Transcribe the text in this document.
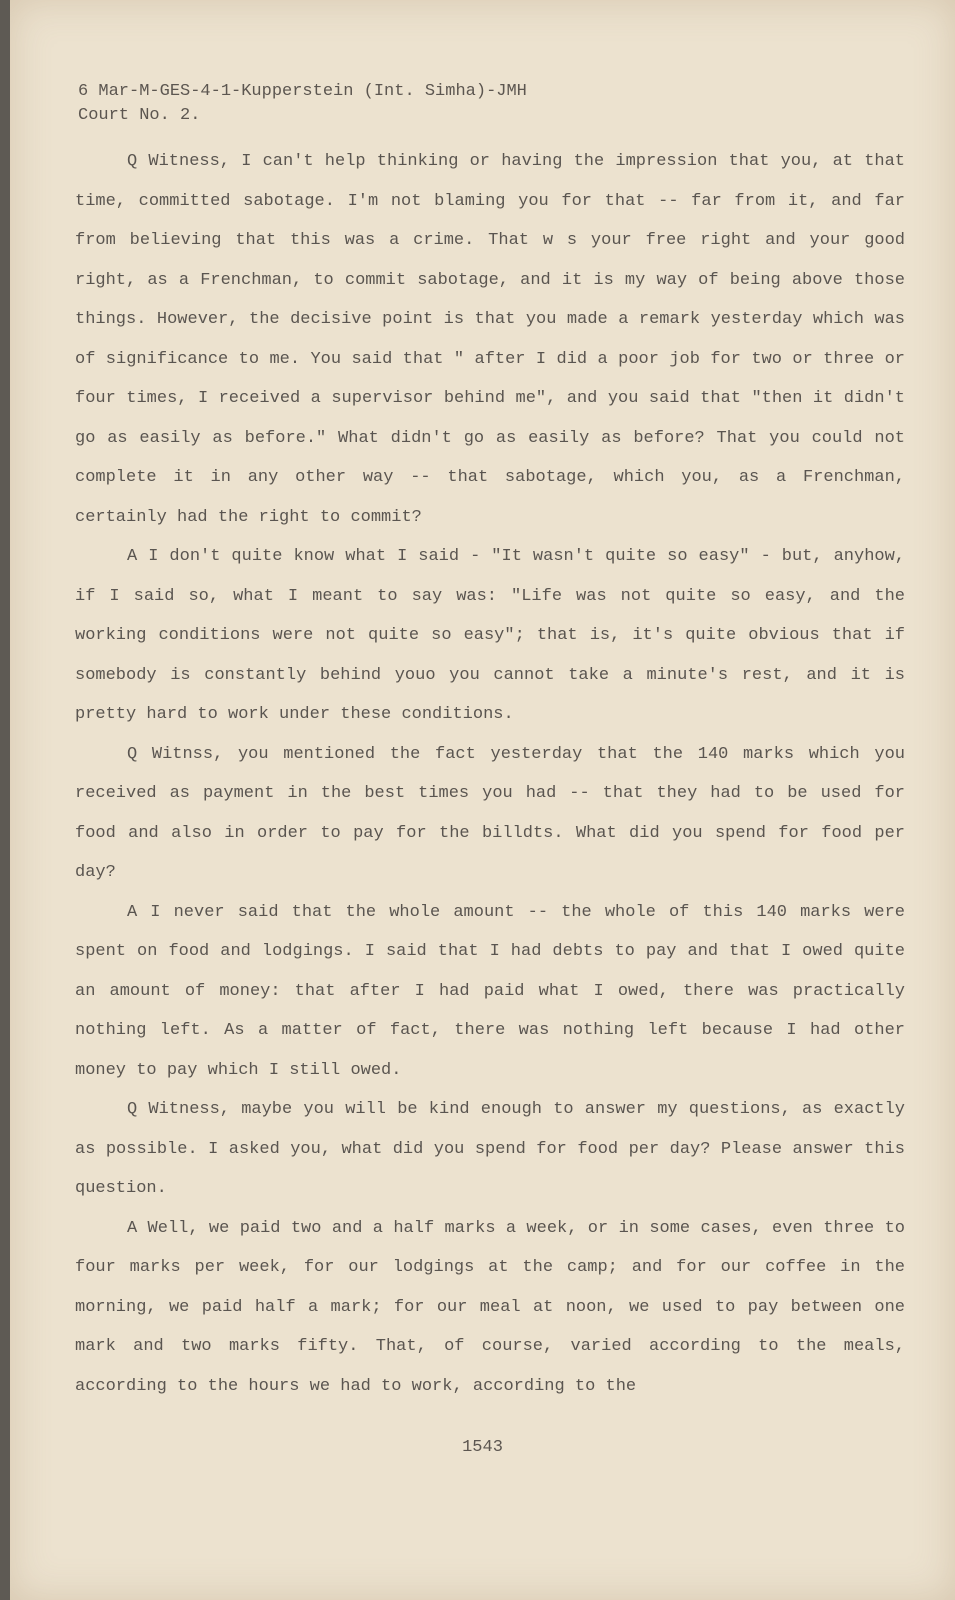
6 Mar-M-GES-4-1-Kupperstein (Int. Simha)-JMH
Court No. 2.

Q Witness, I can't help thinking or having the impression that you, at that time, committed sabotage. I'm not blaming you for that -- far from it, and far from believing that this was a crime. That w s your free right and your good right, as a Frenchman, to commit sabotage, and it is my way of being above those things. However, the decisive point is that you made a remark yesterday which was of significance to me. You said that " after I did a poor job for two or three or four times, I received a supervisor behind me", and you said that "then it didn't go as easily as before." What didn't go as easily as before? That you could not complete it in any other way -- that sabotage, which you, as a Frenchman, certainly had the right to commit?

A I don't quite know what I said - "It wasn't quite so easy" - but, anyhow, if I said so, what I meant to say was: "Life was not quite so easy, and the working conditions were not quite so easy"; that is, it's quite obvious that if somebody is constantly behind youo you cannot take a minute's rest, and it is pretty hard to work under these conditions.

Q Witnss, you mentioned the fact yesterday that the 140 marks which you received as payment in the best times you had -- that they had to be used for food and also in order to pay for the billdts. What did you spend for food per day?

A I never said that the whole amount -- the whole of this 140 marks were spent on food and lodgings. I said that I had debts to pay and that I owed quite an amount of money: that after I had paid what I owed, there was practically nothing left. As a matter of fact, there was nothing left because I had other money to pay which I still owed.

Q Witness, maybe you will be kind enough to answer my questions, as exactly as possible. I asked you, what did you spend for food per day? Please answer this question.

A Well, we paid two and a half marks a week, or in some cases, even three to four marks per week, for our lodgings at the camp; and for our coffee in the morning, we paid half a mark; for our meal at noon, we used to pay between one mark and two marks fifty. That, of course, varied according to the meals, according to the hours we had to work, according to the

1543
